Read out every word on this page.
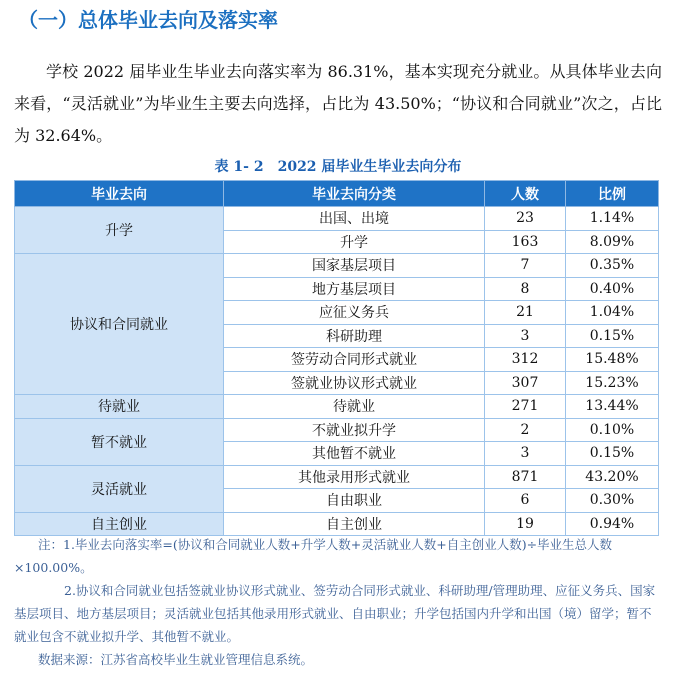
（一）总体毕业去向及落实率

学校 2022 届毕业生毕业去向落实率为 86.31%，基本实现充分就业。从具体毕业去向来看，“灵活就业”为毕业生主要去向选择，占比为 43.50%；“协议和合同就业”次之，占比为 32.64%。

表 1- 2　2022 届毕业生毕业去向分布
毕业去向	毕业去向分类	人数	比例
升学	出国、出境	23	1.14%
	升学	163	8.09%
协议和合同就业	国家基层项目	7	0.35%
	地方基层项目	8	0.40%
	应征义务兵	21	1.04%
	科研助理	3	0.15%
	签劳动合同形式就业	312	15.48%
	签就业协议形式就业	307	15.23%
待就业	待就业	271	13.44%
暂不就业	不就业拟升学	2	0.10%
	其他暂不就业	3	0.15%
灵活就业	其他录用形式就业	871	43.20%
	自由职业	6	0.30%
自主创业	自主创业	19	0.94%

注：1.毕业去向落实率=(协议和合同就业人数+升学人数+灵活就业人数+自主创业人数)÷毕业生总人数×100.00%。

2.协议和合同就业包括签就业协议形式就业、签劳动合同形式就业、科研助理/管理助理、应征义务兵、国家基层项目、地方基层项目；灵活就业包括其他录用形式就业、自由职业；升学包括国内升学和出国（境）留学；暂不就业包含不就业拟升学、其他暂不就业。

数据来源：江苏省高校毕业生就业管理信息系统。
